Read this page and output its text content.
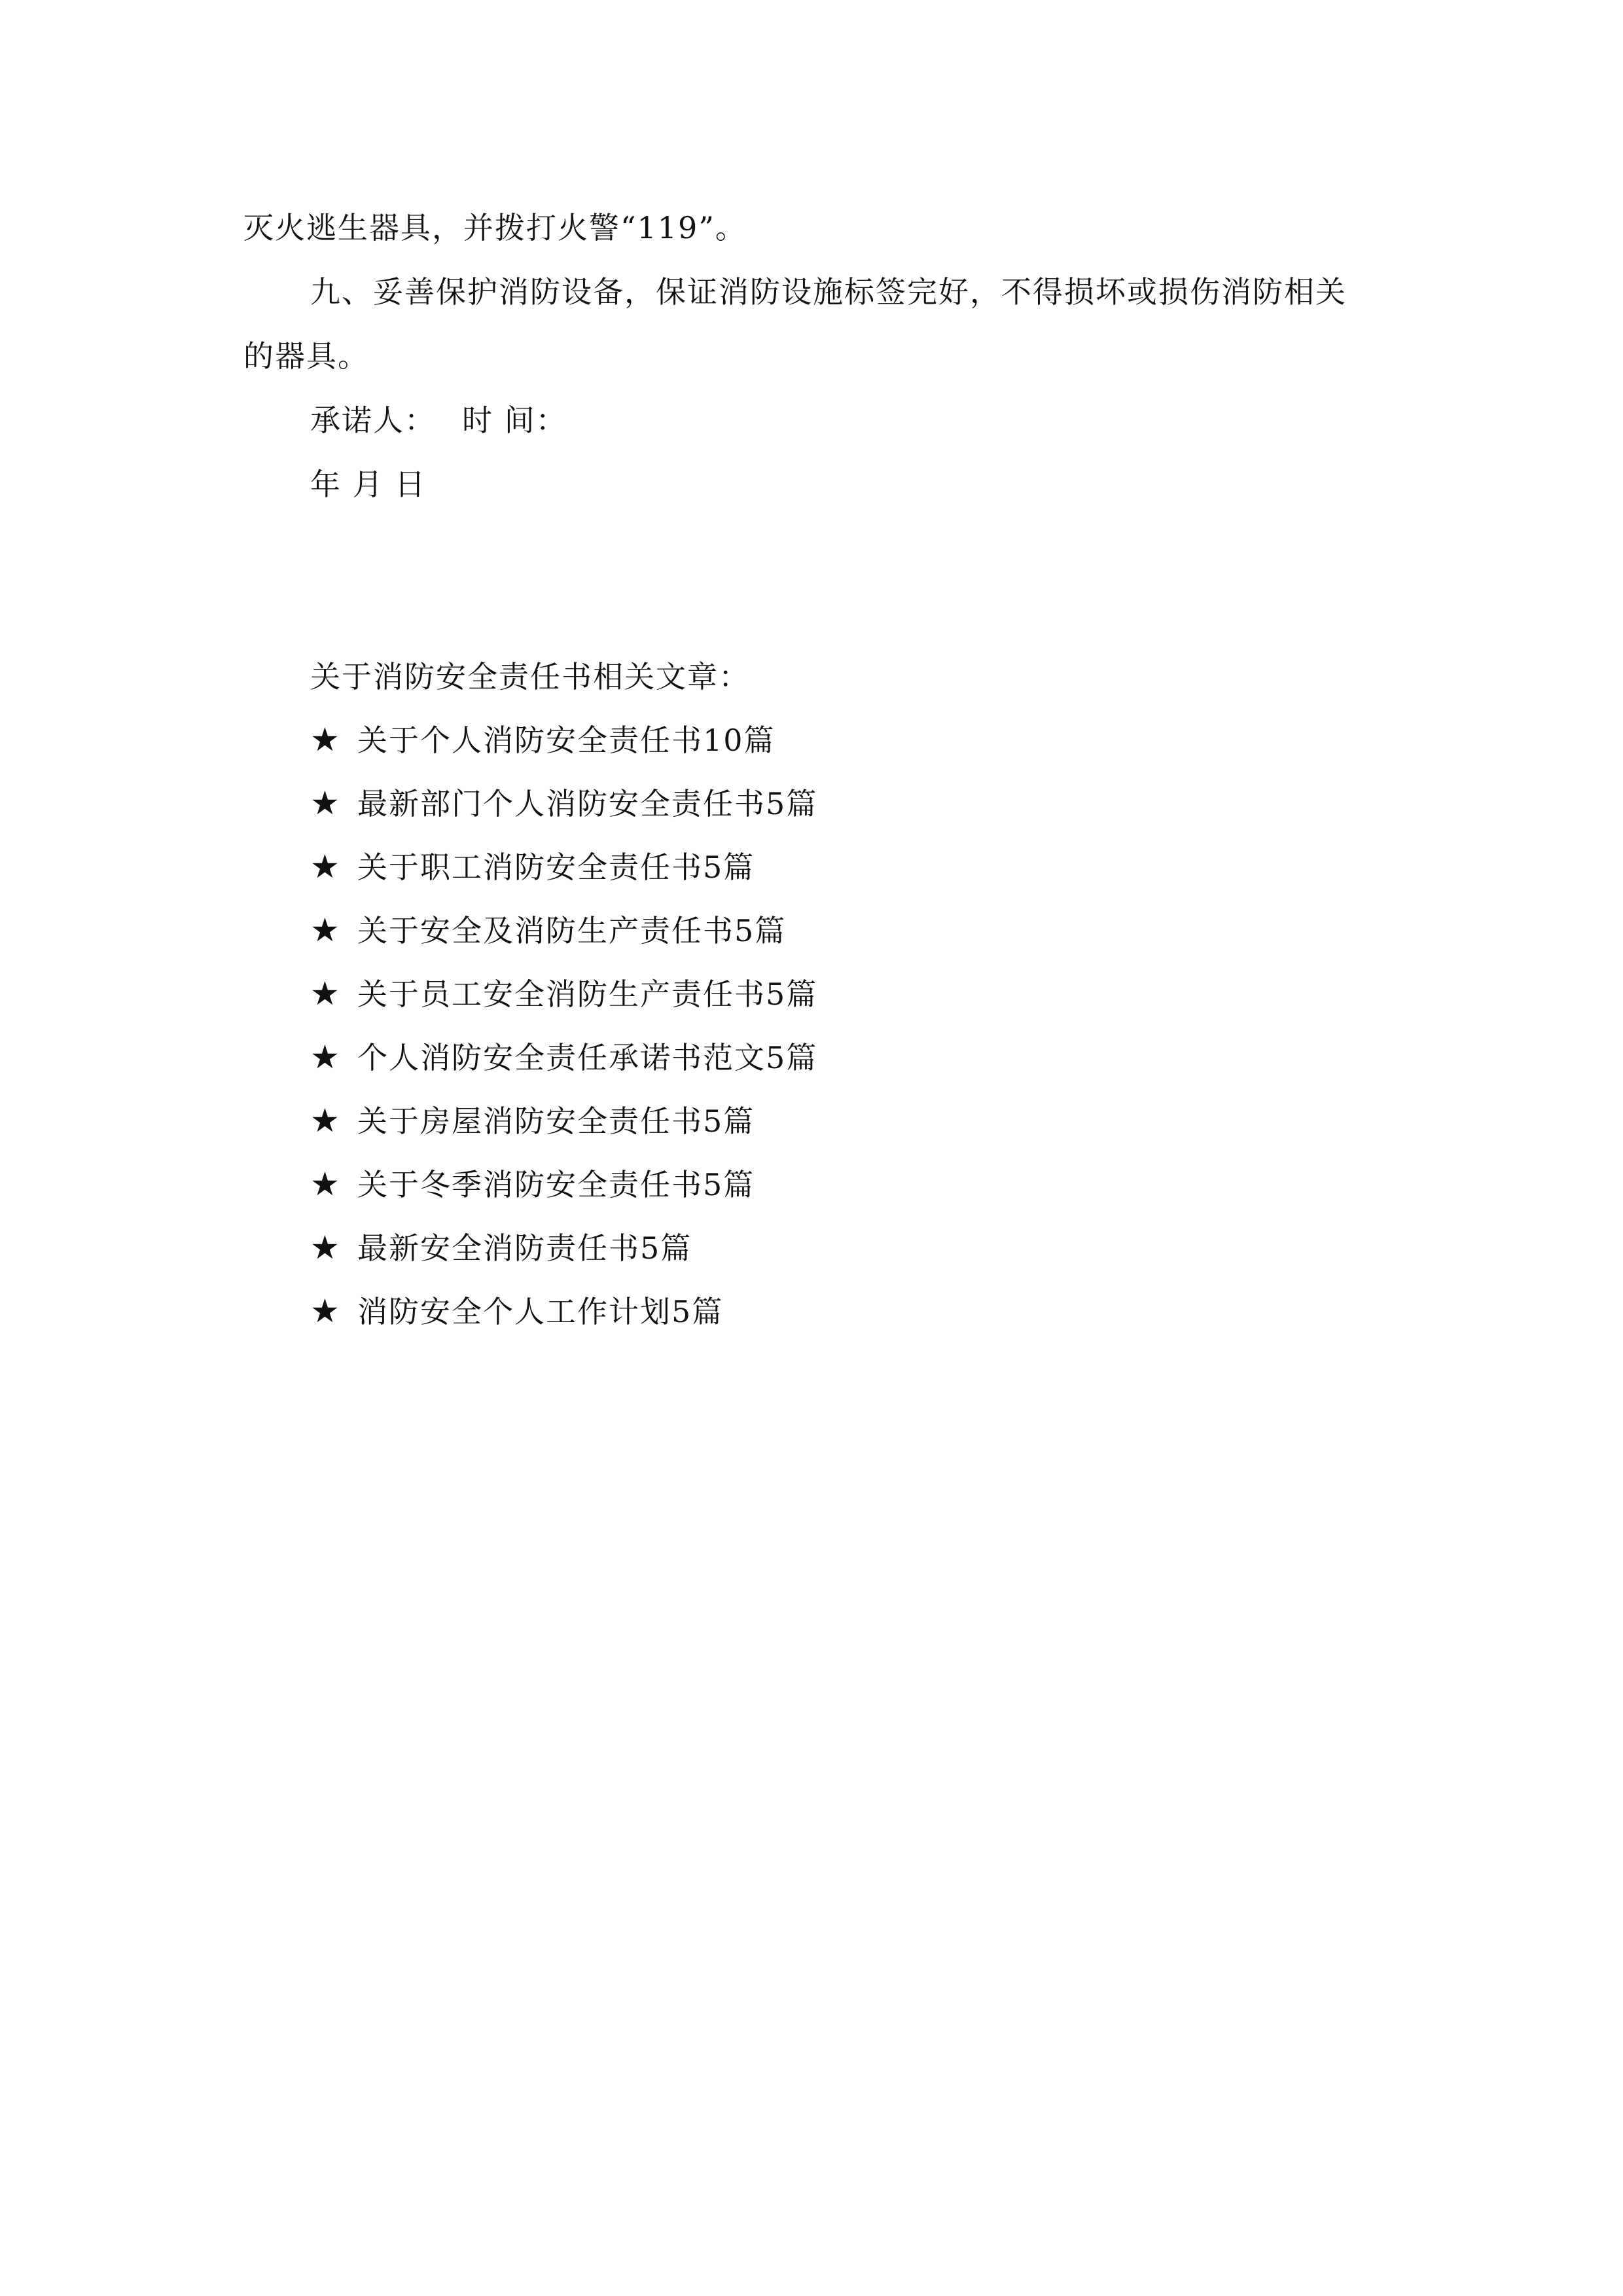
灭火逃生器具，并拨打火警“119”。
九、妥善保护消防设备，保证消防设施标签完好，不得损坏或损伤消防相关
的器具。
承诺人： 时 间：
年 月 日
关于消防安全责任书相关文章：
★ 关于个人消防安全责任书10篇
★ 最新部门个人消防安全责任书5篇
★ 关于职工消防安全责任书5篇
★ 关于安全及消防生产责任书5篇
★ 关于员工安全消防生产责任书5篇
★ 个人消防安全责任承诺书范文5篇
★ 关于房屋消防安全责任书5篇
★ 关于冬季消防安全责任书5篇
★ 最新安全消防责任书5篇
★ 消防安全个人工作计划5篇
